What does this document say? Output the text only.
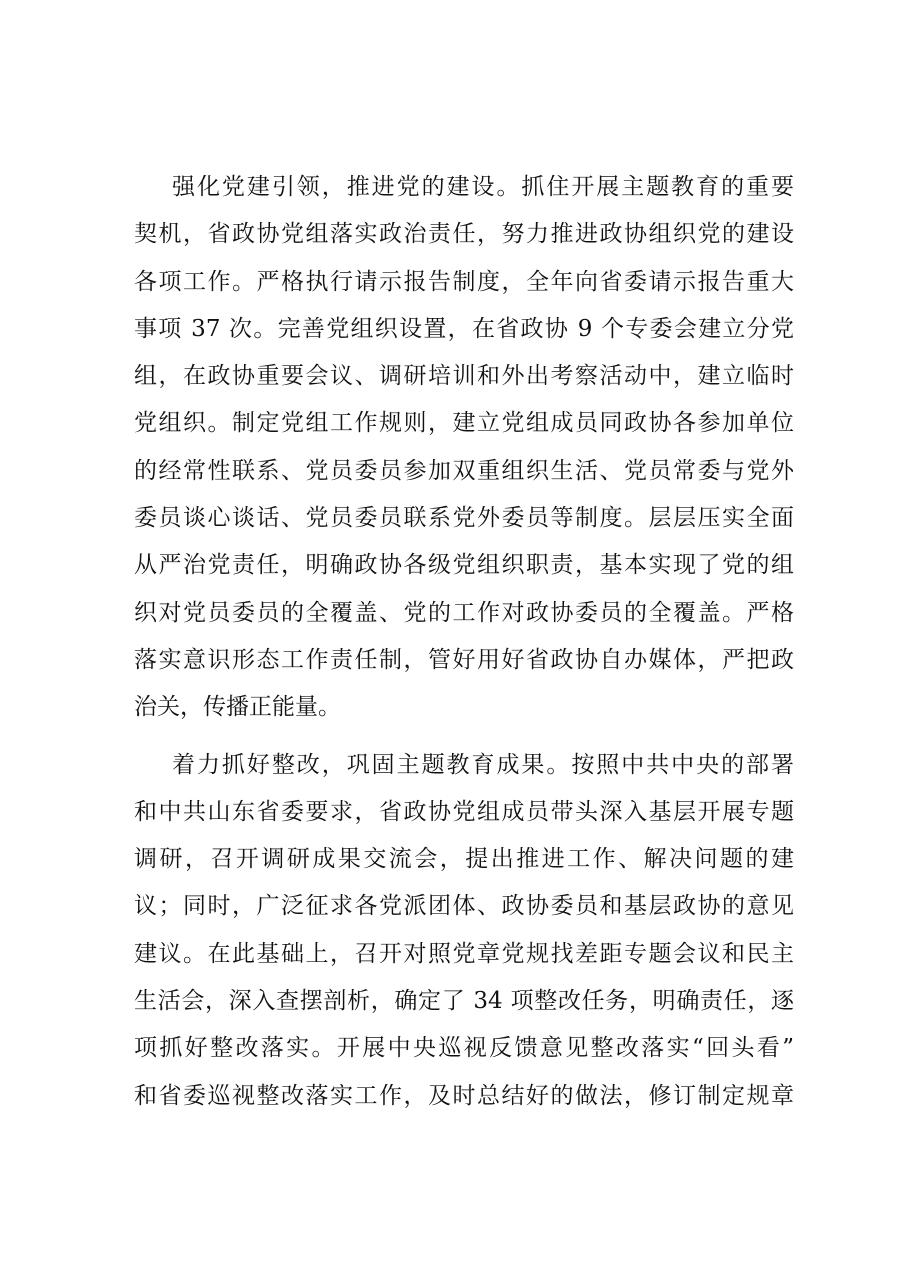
强化党建引领，推进党的建设。抓住开展主题教育的重要
契机，省政协党组落实政治责任，努力推进政协组织党的建设
各项工作。严格执行请示报告制度，全年向省委请示报告重大
事项 37 次。完善党组织设置，在省政协 9 个专委会建立分党
组，在政协重要会议、调研培训和外出考察活动中，建立临时
党组织。制定党组工作规则，建立党组成员同政协各参加单位
的经常性联系、党员委员参加双重组织生活、党员常委与党外
委员谈心谈话、党员委员联系党外委员等制度。层层压实全面
从严治党责任，明确政协各级党组织职责，基本实现了党的组
织对党员委员的全覆盖、党的工作对政协委员的全覆盖。严格
落实意识形态工作责任制，管好用好省政协自办媒体，严把政
治关，传播正能量。
着力抓好整改，巩固主题教育成果。按照中共中央的部署
和中共山东省委要求，省政协党组成员带头深入基层开展专题
调研，召开调研成果交流会，提出推进工作、解决问题的建
议；同时，广泛征求各党派团体、政协委员和基层政协的意见
建议。在此基础上，召开对照党章党规找差距专题会议和民主
生活会，深入查摆剖析，确定了 34 项整改任务，明确责任，逐
项抓好整改落实。开展中央巡视反馈意见整改落实“回头看”
和省委巡视整改落实工作，及时总结好的做法，修订制定规章
